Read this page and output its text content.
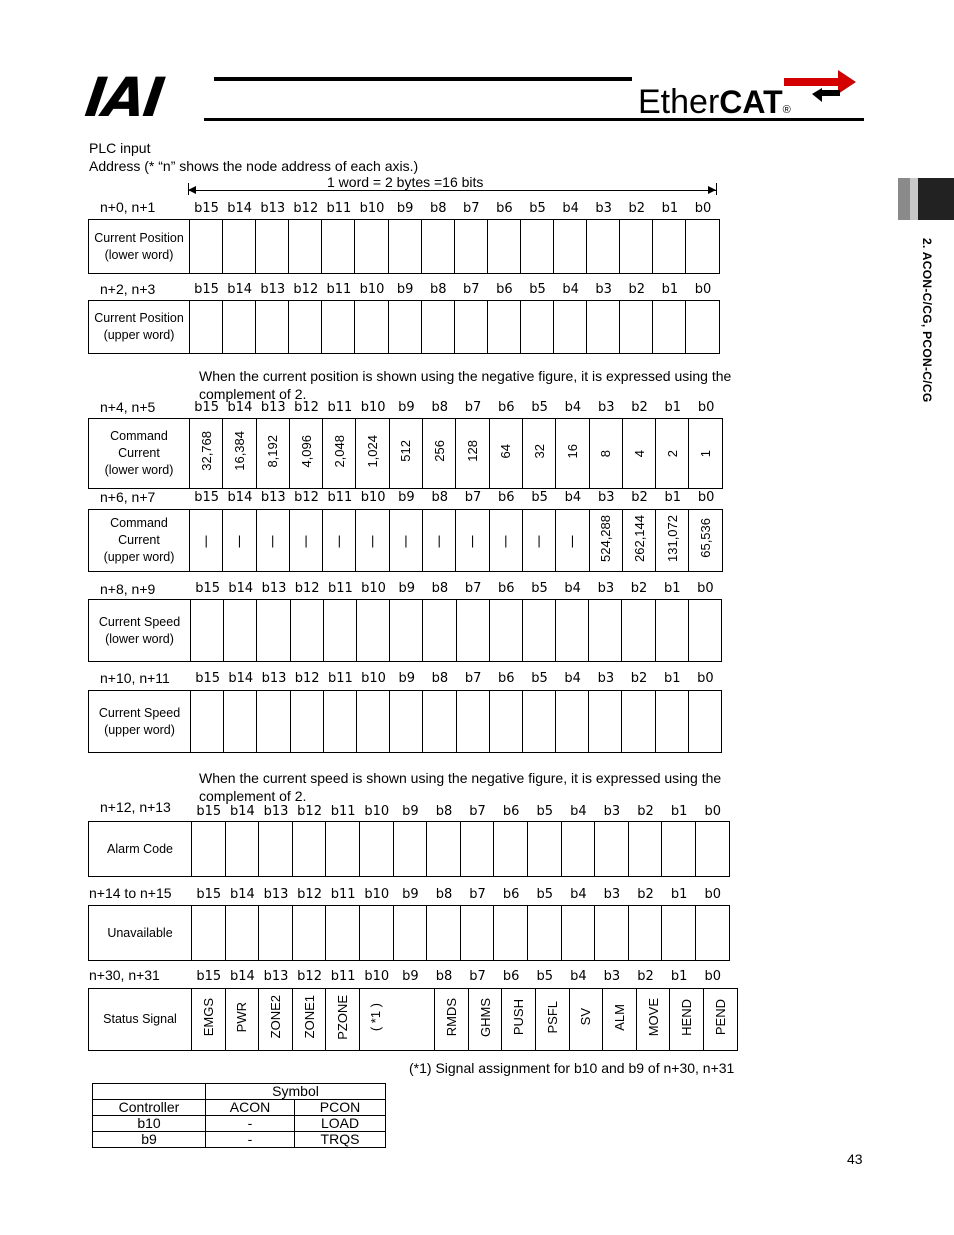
IAI	EtherCAT®
2. ACON-C/CG, PCON-C/CG
PLC input
Address (* “n” shows the node address of each axis.)
1 word = 2 bytes =16 bits
When the current position is shown using the negative figure, it is expressed using the
complement of 2.
When the current speed is shown using the negative figure, it is expressed using the
complement of 2.
(*1) Signal assignment for b10 and b9 of n+30, n+31
n+0, n+1	b15 b14 b13 b12 b11 b10 b9	b8	b7	b6	b5	b4	b3	b2	b1	b0
Current Position
(lower word)																
n+2, n+3	b15 b14 b13 b12 b11 b10 b9	b8	b7	b6	b5	b4	b3	b2	b1	b0
Current Position
(upper word)																
n+4, n+5	b15 b14 b13 b12 b11 b10 b9	b8	b7	b6	b5	b4	b3	b2	b1	b0
Command
Current
(lower word)	32,768	16,384	8,192	4,096	2,048	1,024	512	256	128	64	32	16	8	4	2	1
n+6, n+7	b15 b14 b13 b12 b11 b10 b9	b8	b7	b6	b5	b4	b3	b2	b1	b0
Command
Current
(upper word)	|	|	|	|	|	|	|	|	|	|	|	|	524,288	262,144	131,072	65,536
n+8, n+9	b15 b14 b13 b12 b11 b10 b9	b8	b7	b6	b5	b4	b3	b2	b1	b0
Current Speed
(lower word)																
n+10, n+11	b15 b14 b13 b12 b11 b10 b9	b8	b7	b6	b5	b4	b3	b2	b1	b0
Current Speed
(upper word)																
n+12, n+13	b15 b14 b13 b12 b11 b10 b9	b8	b7	b6	b5	b4	b3	b2	b1	b0
Alarm Code																
n+14 to n+15	b15 b14 b13 b12 b11 b10 b9	b8	b7	b6	b5	b4	b3	b2	b1	b0
Unavailable																
n+30, n+31	b15 b14 b13 b12 b11 b10 b9	b8	b7	b6	b5	b4	b3	b2	b1	b0
Status Signal	EMGS	PWR	ZONE2	ZONE1	PZONE	( *1 )	RMDS	GHMS	PUSH	PSFL	SV	ALM	MOVE	HEND	PEND
	Symbol	
Controller	ACON	PCON
b10	-	LOAD
b9	-	TRQS
43
